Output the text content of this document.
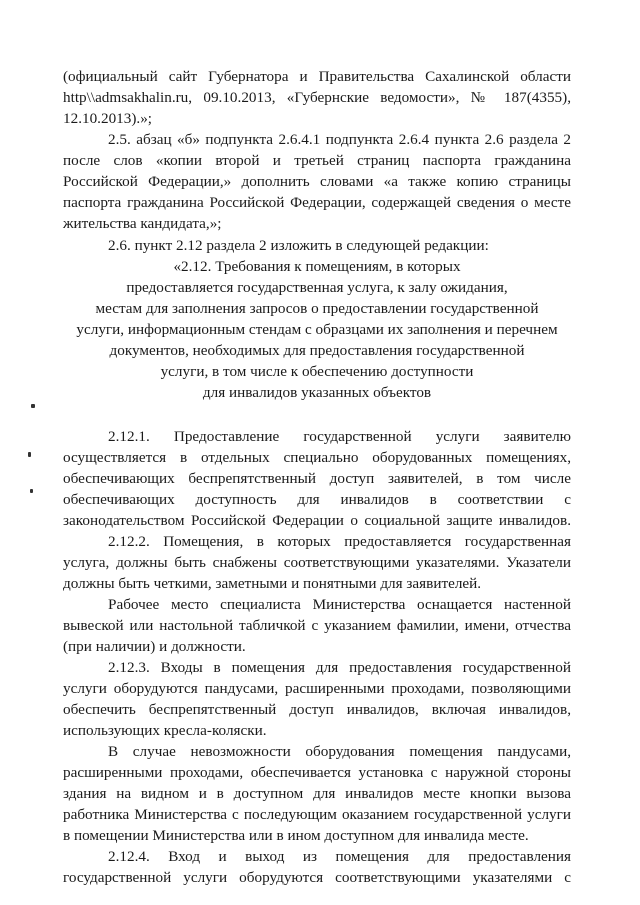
(официальный сайт Губернатора и Правительства Сахалинской области
http\\admsakhalin.ru, 09.10.2013, «Губернские ведомости», № 187(4355),
12.10.2013).»;
2.5. абзац «б» подпункта 2.6.4.1 подпункта 2.6.4 пункта 2.6 раздела 2
после слов «копии второй и третьей страниц паспорта гражданина
Российской Федерации,» дополнить словами «а также копию страницы
паспорта гражданина Российской Федерации, содержащей сведения о месте
жительства кандидата,»;
2.6. пункт 2.12 раздела 2 изложить в следующей редакции:
«2.12. Требования к помещениям, в которых
предоставляется государственная услуга, к залу ожидания,
местам для заполнения запросов о предоставлении государственной
услуги, информационным стендам с образцами их заполнения и перечнем
документов, необходимых для предоставления государственной
услуги, в том числе к обеспечению доступности
для инвалидов указанных объектов
2.12.1. Предоставление государственной услуги заявителю
осуществляется в отдельных специально оборудованных помещениях,
обеспечивающих беспрепятственный доступ заявителей, в том числе
обеспечивающих доступность для инвалидов в соответствии с
законодательством Российской Федерации о социальной защите инвалидов.
2.12.2. Помещения, в которых предоставляется государственная
услуга, должны быть снабжены соответствующими указателями. Указатели
должны быть четкими, заметными и понятными для заявителей.
Рабочее место специалиста Министерства оснащается настенной
вывеской или настольной табличкой с указанием фамилии, имени, отчества
(при наличии) и должности.
2.12.3. Входы в помещения для предоставления государственной
услуги оборудуются пандусами, расширенными проходами, позволяющими
обеспечить беспрепятственный доступ инвалидов, включая инвалидов,
использующих кресла-коляски.
В случае невозможности оборудования помещения пандусами,
расширенными проходами, обеспечивается установка с наружной стороны
здания на видном и в доступном для инвалидов месте кнопки вызова
работника Министерства с последующим оказанием государственной услуги
в помещении Министерства или в ином доступном для инвалида месте.
2.12.4. Вход и выход из помещения для предоставления
государственной услуги оборудуются соответствующими указателями с
